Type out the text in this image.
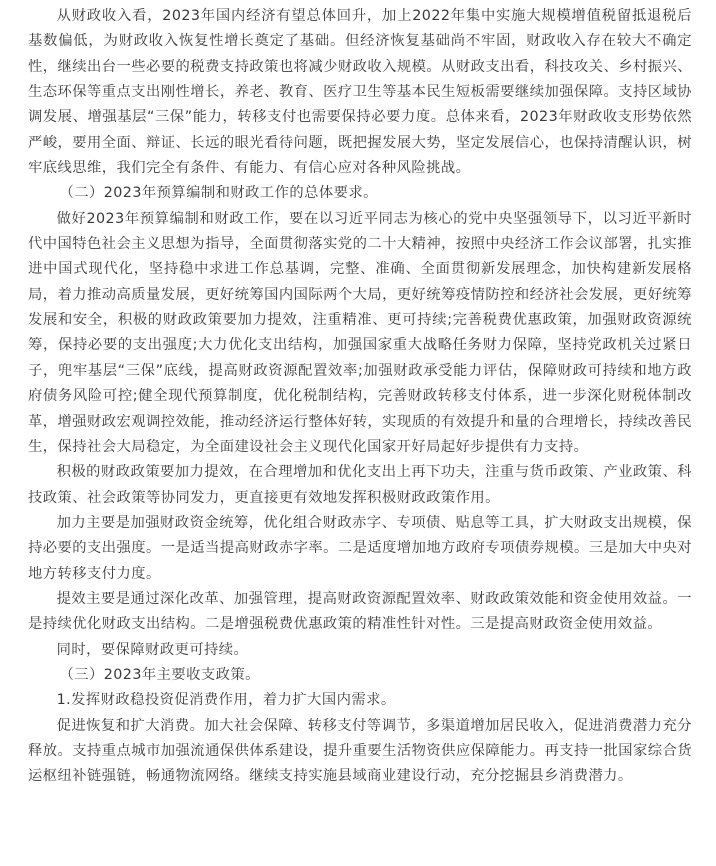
从财政收入看，2023年国内经济有望总体回升，加上2022年集中实施大规模增值税留抵退税后基数偏低，为财政收入恢复性增长奠定了基础。但经济恢复基础尚不牢固，财政收入存在较大不确定性，继续出台一些必要的税费支持政策也将减少财政收入规模。从财政支出看，科技攻关、乡村振兴、生态环保等重点支出刚性增长，养老、教育、医疗卫生等基本民生短板需要继续加强保障。支持区域协调发展、增强基层“三保”能力，转移支付也需要保持必要力度。总体来看，2023年财政收支形势依然严峻，要用全面、辩证、长远的眼光看待问题，既把握发展大势，坚定发展信心，也保持清醒认识，树牢底线思维，我们完全有条件、有能力、有信心应对各种风险挑战。

（二）2023年预算编制和财政工作的总体要求。

做好2023年预算编制和财政工作，要在以习近平同志为核心的党中央坚强领导下，以习近平新时代中国特色社会主义思想为指导，全面贯彻落实党的二十大精神，按照中央经济工作会议部署，扎实推进中国式现代化，坚持稳中求进工作总基调，完整、准确、全面贯彻新发展理念，加快构建新发展格局，着力推动高质量发展，更好统筹国内国际两个大局，更好统筹疫情防控和经济社会发展，更好统筹发展和安全，积极的财政政策要加力提效，注重精准、更可持续;完善税费优惠政策，加强财政资源统筹，保持必要的支出强度;大力优化支出结构，加强国家重大战略任务财力保障，坚持党政机关过紧日子，兜牢基层“三保”底线，提高财政资源配置效率;加强财政承受能力评估，保障财政可持续和地方政府债务风险可控;健全现代预算制度，优化税制结构，完善财政转移支付体系，进一步深化财税体制改革，增强财政宏观调控效能，推动经济运行整体好转，实现质的有效提升和量的合理增长，持续改善民生，保持社会大局稳定，为全面建设社会主义现代化国家开好局起好步提供有力支持。

积极的财政政策要加力提效，在合理增加和优化支出上再下功夫，注重与货币政策、产业政策、科技政策、社会政策等协同发力，更直接更有效地发挥积极财政政策作用。

加力主要是加强财政资金统筹，优化组合财政赤字、专项债、贴息等工具，扩大财政支出规模，保持必要的支出强度。一是适当提高财政赤字率。二是适度增加地方政府专项债券规模。三是加大中央对地方转移支付力度。

提效主要是通过深化改革、加强管理，提高财政资源配置效率、财政政策效能和资金使用效益。一是持续优化财政支出结构。二是增强税费优惠政策的精准性针对性。三是提高财政资金使用效益。

同时，要保障财政更可持续。

（三）2023年主要收支政策。

1.发挥财政稳投资促消费作用，着力扩大国内需求。

促进恢复和扩大消费。加大社会保障、转移支付等调节，多渠道增加居民收入，促进消费潜力充分释放。支持重点城市加强流通保供体系建设，提升重要生活物资供应保障能力。再支持一批国家综合货运枢纽补链强链，畅通物流网络。继续支持实施县域商业建设行动，充分挖掘县乡消费潜力。
